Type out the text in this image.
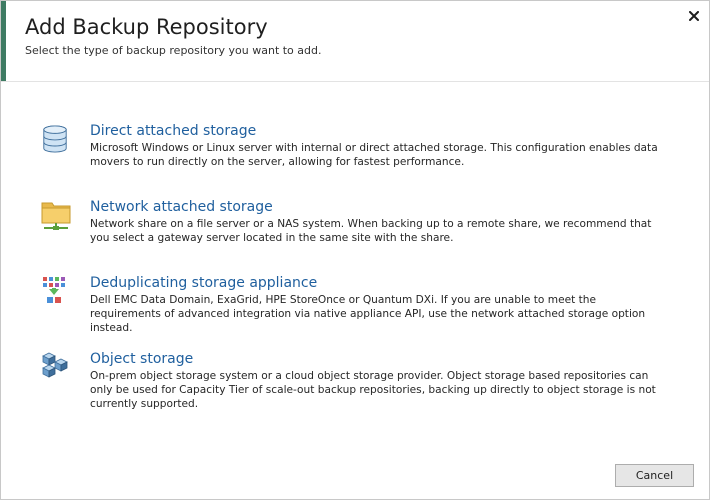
Add Backup Repository
Select the type of backup repository you want to add.
Direct attached storage
Microsoft Windows or Linux server with internal or direct attached storage. This configuration enables data movers to run directly on the server, allowing for fastest performance.
Network attached storage
Network share on a file server or a NAS system. When backing up to a remote share, we recommend that you select a gateway server located in the same site with the share.
Deduplicating storage appliance
Dell EMC Data Domain, ExaGrid, HPE StoreOnce or Quantum DXi. If you are unable to meet the requirements of advanced integration via native appliance API, use the network attached storage option instead.
Object storage
On-prem object storage system or a cloud object storage provider. Object storage based repositories can only be used for Capacity Tier of scale-out backup repositories, backing up directly to object storage is not currently supported.
Cancel
